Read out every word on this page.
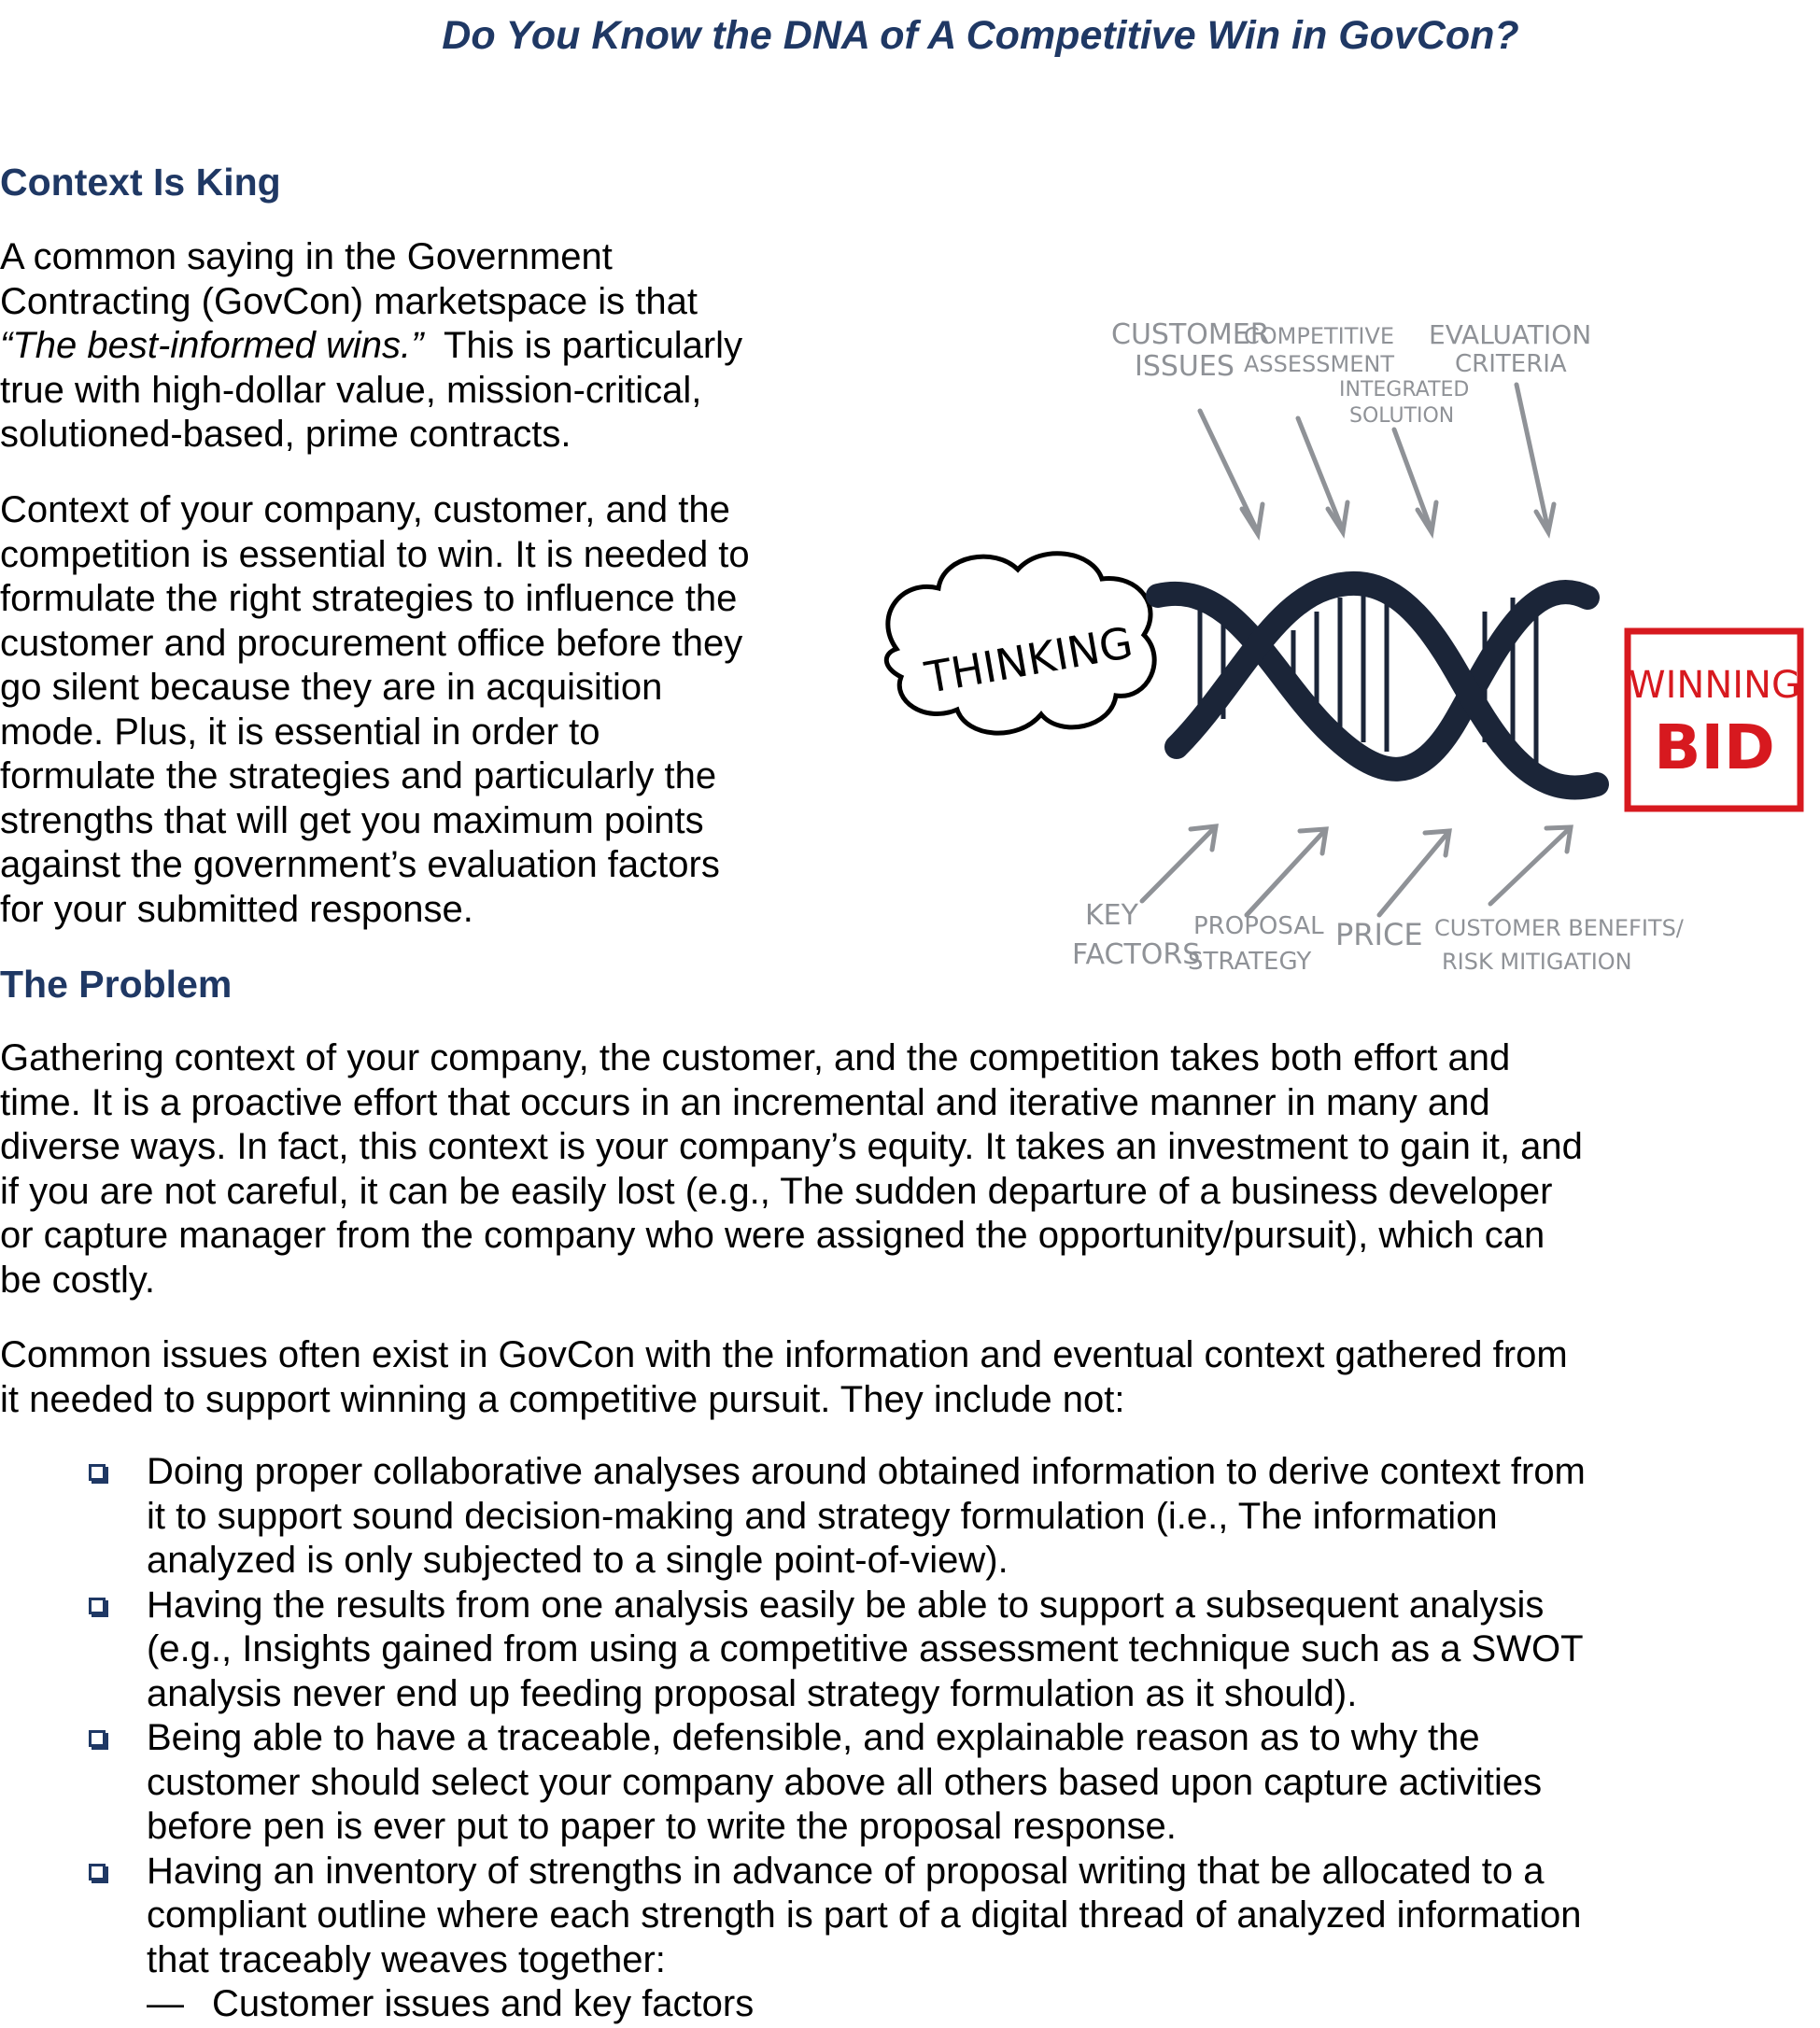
Do You Know the DNA of A Competitive Win in GovCon?
Context Is King

A common saying in the Government
Contracting (GovCon) marketspace is that
“The best-informed wins.”  This is particularly
true with high-dollar value, mission-critical,
solutioned-based, prime contracts.

Context of your company, customer, and the
competition is essential to win. It is needed to
formulate the right strategies to influence the
customer and procurement office before they
go silent because they are in acquisition
mode. Plus, it is essential in order to
formulate the strategies and particularly the
strengths that will get you maximum points
against the government’s evaluation factors
for your submitted response.

The Problem

Gathering context of your company, the customer, and the competition takes both effort and
time. It is a proactive effort that occurs in an incremental and iterative manner in many and
diverse ways. In fact, this context is your company’s equity. It takes an investment to gain it, and
if you are not careful, it can be easily lost (e.g., The sudden departure of a business developer
or capture manager from the company who were assigned the opportunity/pursuit), which can
be costly.

Common issues often exist in GovCon with the information and eventual context gathered from
it needed to support winning a competitive pursuit. They include not:

Doing proper collaborative analyses around obtained information to derive context from
it to support sound decision-making and strategy formulation (i.e., The information
analyzed is only subjected to a single point-of-view).
Having the results from one analysis easily be able to support a subsequent analysis
(e.g., Insights gained from using a competitive assessment technique such as a SWOT
analysis never end up feeding proposal strategy formulation as it should).
Being able to have a traceable, defensible, and explainable reason as to why the
customer should select your company above all others based upon capture activities
before pen is ever put to paper to write the proposal response.
Having an inventory of strengths in advance of proposal writing that be allocated to a
compliant outline where each strength is part of a digital thread of analyzed information
that traceably weaves together:
— Customer issues and key factors
CUSTOMER
ISSUES
COMPETITIVE
ASSESSMENT
INTEGRATED
SOLUTION
EVALUATION
CRITERIA
THINKING	WINNING
BID
KEY
FACTORS
PROPOSAL
STRATEGY
PRICE CUSTOMER BENEFITS/
RISK MITIGATION
